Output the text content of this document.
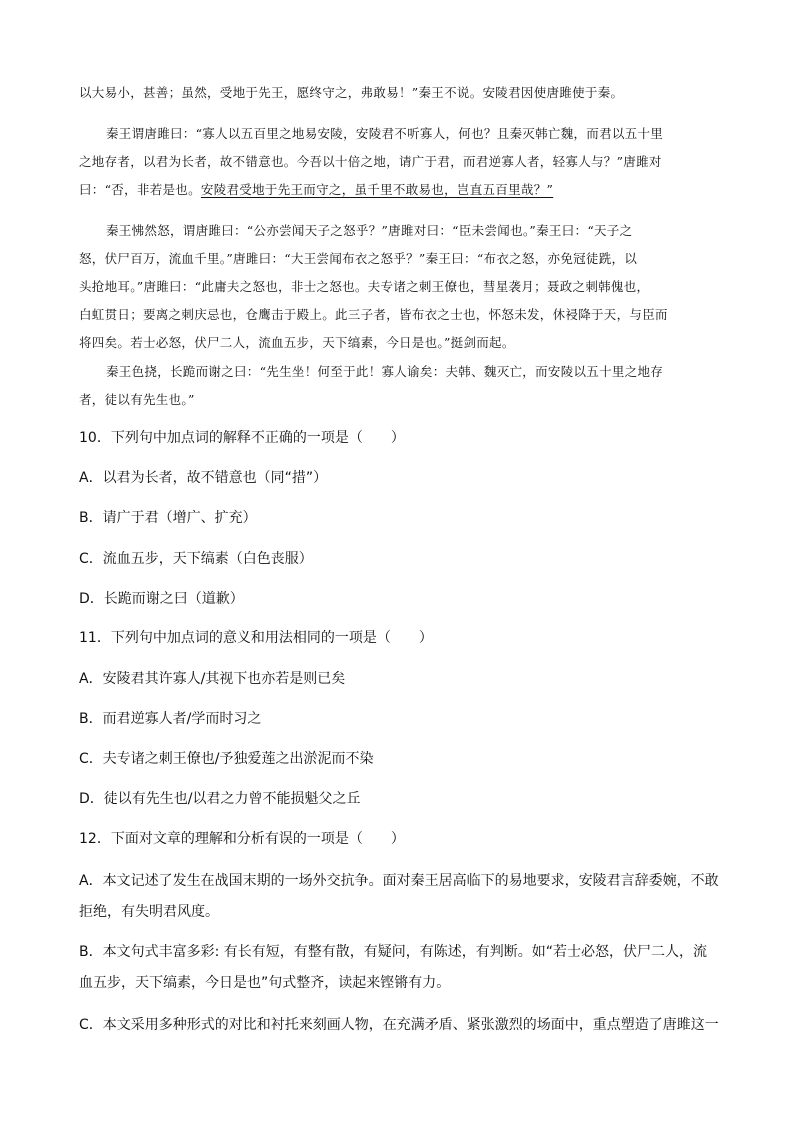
以大易小，甚善；虽然，受地于先王，愿终守之，弗敢易！”秦王不说。安陵君因使唐雎使于秦。

秦王谓唐雎曰：“寡人以五百里之地易安陵，安陵君不听寡人，何也？且秦灭韩亡魏，而君以五十里
之地存者，以君为长者，故不错意也。今吾以十倍之地，请广于君，而君逆寡人者，轻寡人与？”唐雎对
曰：“否，非若是也。安陵君受地于先王而守之，虽千里不敢易也，岂直五百里哉？”

秦王怫然怒，谓唐雎曰：“公亦尝闻天子之怒乎？”唐雎对曰：“臣未尝闻也。”秦王曰：“天子之
怒，伏尸百万，流血千里。”唐雎曰：“大王尝闻布衣之怒乎？”秦王曰：“布衣之怒，亦免冠徒跣，以
头抢地耳。”唐雎曰：“此庸夫之怒也，非士之怒也。夫专诸之刺王僚也，彗星袭月；聂政之刺韩傀也，
白虹贯日；要离之刺庆忌也，仓鹰击于殿上。此三子者，皆布衣之士也，怀怒未发，休祲降于天，与臣而
将四矣。若士必怒，伏尸二人，流血五步，天下缟素，今日是也。”挺剑而起。

秦王色挠，长跪而谢之曰：“先生坐！何至于此！寡人谕矣：夫韩、魏灭亡，而安陵以五十里之地存
者，徒以有先生也。”

10．下列句中加点词的解释不正确的一项是（　　）

A．以君为长者，故不错意也（同“措”）

B．请广于君（增广、扩充）

C．流血五步，天下缟素（白色丧服）

D．长跪而谢之曰（道歉）

11．下列句中加点词的意义和用法相同的一项是（　　）

A．安陵君其许寡人/其视下也亦若是则已矣

B．而君逆寡人者/学而时习之

C．夫专诸之刺王僚也/予独爱莲之出淤泥而不染

D．徒以有先生也/以君之力曾不能损魁父之丘

12．下面对文章的理解和分析有误的一项是（　　）

A．本文记述了发生在战国末期的一场外交抗争。面对秦王居高临下的易地要求，安陵君言辞委婉，不敢拒绝，有失明君风度。

B．本文句式丰富多彩: 有长有短，有整有散，有疑问，有陈述，有判断。如“若士必怒，伏尸二人，流血五步，天下缟素，今日是也”句式整齐，读起来铿锵有力。

C．本文采用多种形式的对比和衬托来刻画人物，在充满矛盾、紧张激烈的场面中，重点塑造了唐雎这一
